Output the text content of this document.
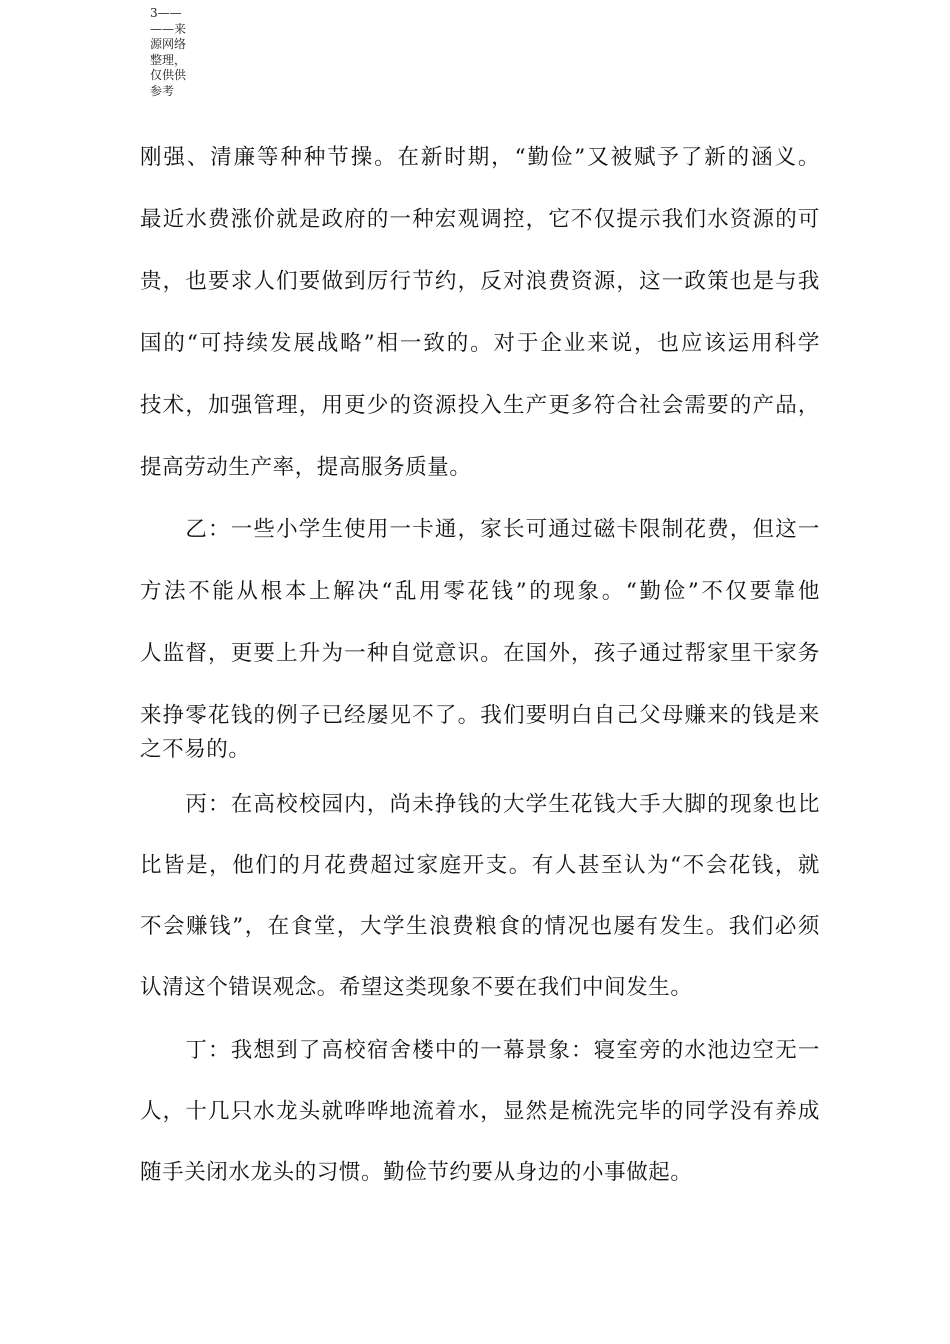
3——
——来
源网络
整理，
仅供供
参考
刚强、清廉等种种节操。在新时期，“勤俭”又被赋予了新的涵义。
最近水费涨价就是政府的一种宏观调控，它不仅提示我们水资源的可
贵，也要求人们要做到厉行节约，反对浪费资源，这一政策也是与我
国的“可持续发展战略”相一致的。对于企业来说，也应该运用科学
技术，加强管理，用更少的资源投入生产更多符合社会需要的产品，
提高劳动生产率，提高服务质量。
　　乙：一些小学生使用一卡通，家长可通过磁卡限制花费，但这一
方法不能从根本上解决“乱用零花钱”的现象。“勤俭”不仅要靠他
人监督，更要上升为一种自觉意识。在国外，孩子通过帮家里干家务
来挣零花钱的例子已经屡见不了。我们要明白自己父母赚来的钱是来
之不易的。
　　丙：在高校校园内，尚未挣钱的大学生花钱大手大脚的现象也比
比皆是，他们的月花费超过家庭开支。有人甚至认为“不会花钱，就
不会赚钱”，在食堂，大学生浪费粮食的情况也屡有发生。我们必须
认清这个错误观念。希望这类现象不要在我们中间发生。
　　丁：我想到了高校宿舍楼中的一幕景象：寝室旁的水池边空无一
人，十几只水龙头就哗哗地流着水，显然是梳洗完毕的同学没有养成
随手关闭水龙头的习惯。勤俭节约要从身边的小事做起。
